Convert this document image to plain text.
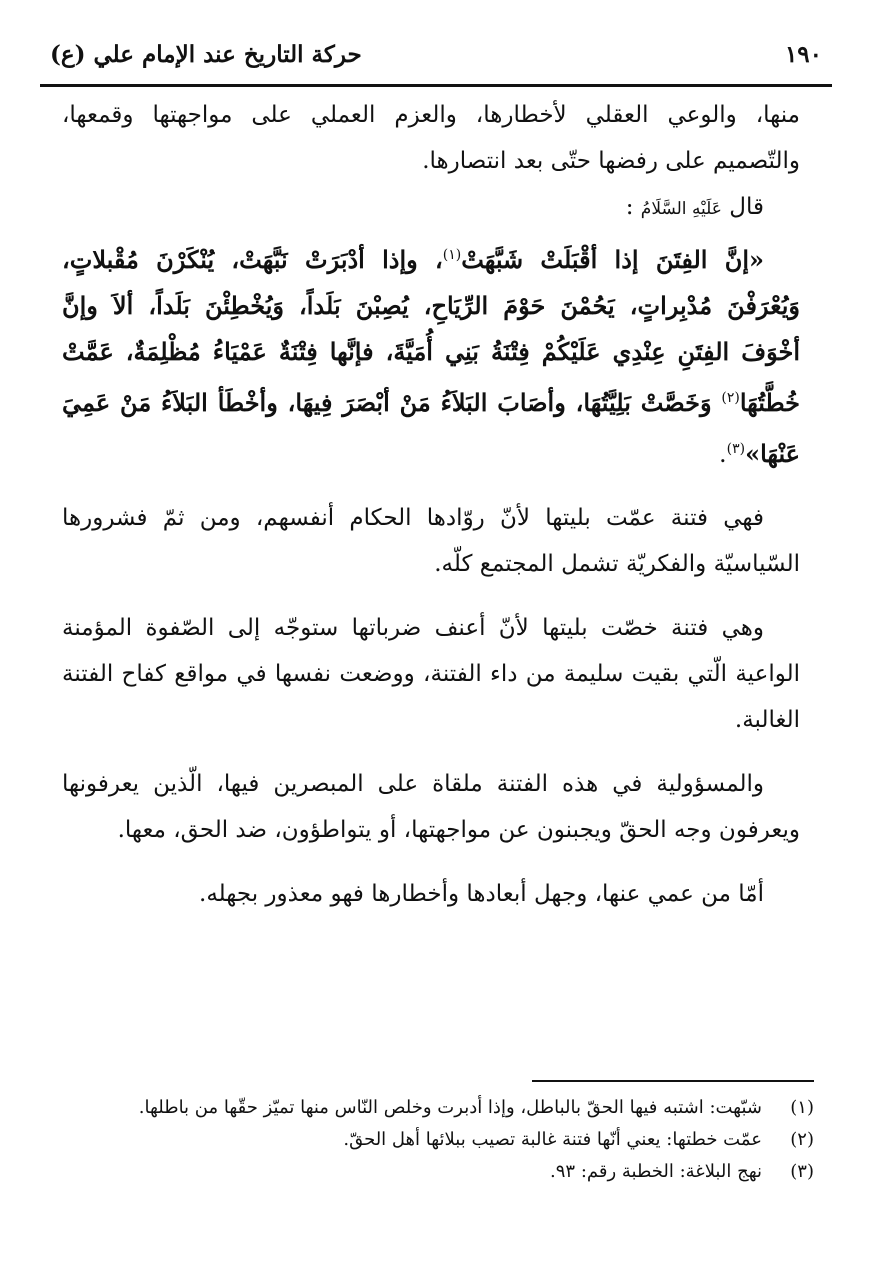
١٩٠
حركة التاريخ عند الإمام علي (ع)

منها، والوعي العقلي لأخطارها، والعزم العملي على مواجهتها وقمعها، والتّصميم على رفضها حتّى بعد انتصارها.

قال عَلَيْهِ السَّلَامُ :

«إنَّ الفِتَنَ إذا أقْبَلَتْ شَبَّهَتْ$^{(١)}$، وإذا أدْبَرَتْ نَبَّهَتْ، يُنْكَرْنَ مُقْبلاتٍ، وَيُعْرَفْنَ مُدْبِراتٍ، يَحُمْنَ حَوْمَ الرِّيَاحِ، يُصِبْنَ بَلَداً، وَيُخْطِئْنَ بَلَداً، ألاَ وإنَّ أخْوَفَ الفِتَنِ عِنْدِي عَلَيْكُمْ فِتْنَةُ بَنِي أُمَيَّةَ، فإنَّها فِتْنَةٌ عَمْيَاءُ مُظْلِمَةٌ، عَمَّتْ خُطَّتُهَا$^{(٢)}$ وَخَصَّتْ بَلِيَّتُهَا، وأصَابَ البَلاَءُ مَنْ أبْصَرَ فِيهَا، وأخْطَأ البَلاَءُ مَنْ عَمِيَ عَنْهَا»$^{(٣)}$.

فهي فتنة عمّت بليتها لأنّ روّادها الحكام أنفسهم، ومن ثمّ فشرورها السّياسيّة والفكريّة تشمل المجتمع كلّه.

وهي فتنة خصّت بليتها لأنّ أعنف ضرباتها ستوجّه إلى الصّفوة المؤمنة الواعية الّتي بقيت سليمة من داء الفتنة، ووضعت نفسها في مواقع كفاح الفتنة الغالبة.

والمسؤولية في هذه الفتنة ملقاة على المبصرين فيها، الّذين يعرفونها ويعرفون وجه الحقّ ويجبنون عن مواجهتها، أو يتواطؤون، ضد الحق، معها.

أمّا من عمي عنها، وجهل أبعادها وأخطارها فهو معذور بجهله.

(١)
شبّهت: اشتبه فيها الحقّ بالباطل، وإذا أدبرت وخلص النّاس منها تميّز حقّها من باطلها.
(٢)
عمّت خطتها: يعني أنّها فتنة غالبة تصيب ببلائها أهل الحقّ.
(٣)
نهج البلاغة: الخطبة رقم: ٩٣.
